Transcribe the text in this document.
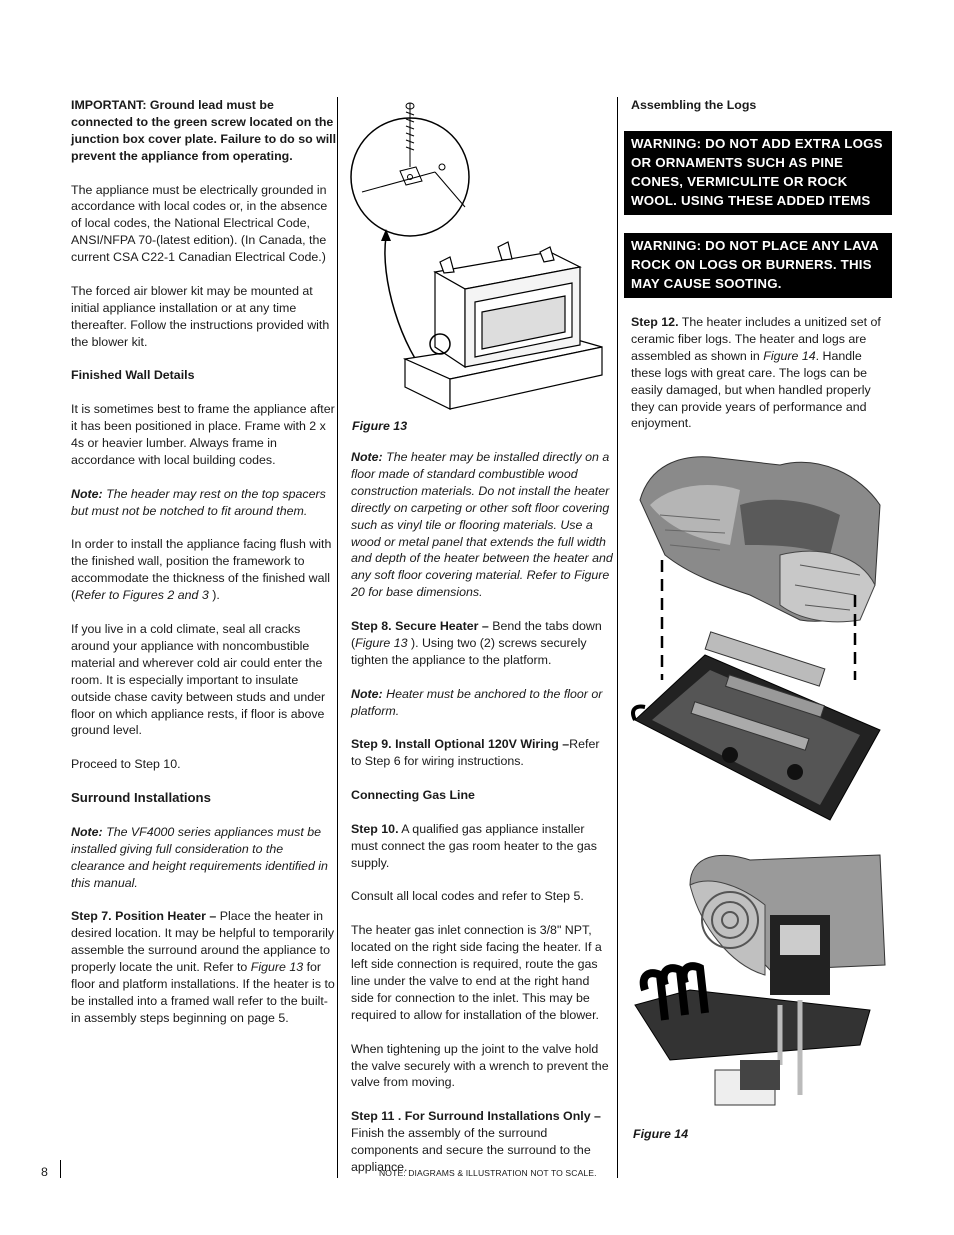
IMPORTANT: Ground lead must be connected to the green screw located on the junction box cover plate. Failure to do so will prevent the appliance from operating.

The appliance must be electrically grounded in accordance with local codes or, in the absence of local codes, the National Electrical Code, ANSI/NFPA 70-(latest edition). (In Canada, the current CSA C22-1 Canadian Electrical Code.)

The forced air blower kit may be mounted at initial appliance installation or at any time thereafter. Follow the instructions provided with the blower kit.

Finished Wall Details

It is sometimes best to frame the appliance after it has been positioned in place. Frame with 2 x 4s or heavier lumber. Always frame in accordance with local building codes.

Note: The header may rest on the top spacers but must not be notched to fit around them.

In order to install the appliance facing flush with the finished wall, position the framework to accommodate the thickness of the finished wall (Refer to Figures 2 and 3 ).

If you live in a cold climate, seal all cracks around your appliance with noncombustible material and wherever cold air could enter the room. It is especially important to insulate outside chase cavity between studs and under floor on which appliance rests, if floor is above ground level.

Proceed to Step 10.

Surround Installations

Note: The VF4000 series appliances must be installed giving full consideration to the clearance and height requirements identified in this manual.

Step 7. Position Heater – Place the heater in desired location. It may be helpful to temporarily assemble the surround around the appliance to properly locate the unit. Refer to Figure 13 for floor and platform installations. If the heater is to be installed into a framed wall refer to the built-in assembly steps beginning on page 5.

Figure 13

Note: The heater may be installed directly on a floor made of standard combustible wood construction materials. Do not install the heater directly on carpeting or other soft floor covering such as vinyl tile or flooring materials. Use a wood or metal panel that extends the full width and depth of the heater between the heater and any soft floor covering material. Refer to Figure 20 for base dimensions.

Step 8. Secure Heater – Bend the tabs down (Figure 13 ). Using two (2) screws securely tighten the appliance to the platform.

Note: Heater must be anchored to the floor or platform.

Step 9. Install Optional 120V Wiring –Refer to Step 6 for wiring instructions.

Connecting Gas Line

Step 10. A qualified gas appliance installer must connect the gas room heater to the gas supply.

Consult all local codes and refer to Step 5.

The heater gas inlet connection is 3/8" NPT, located on the right side facing the heater. If a left side connection is required, route the gas line under the valve to end at the right hand side for connection to the inlet. This may be required to allow for installation of the blower.

When tightening up the joint to the valve hold the valve securely with a wrench to prevent the valve from moving.

Step 11 . For Surround Installations Only – Finish the assembly of the surround components and secure the surround to the appliance.

Assembling the Logs
WARNING: DO NOT ADD EXTRA LOGS OR ORNAMENTS SUCH AS PINE CONES, VERMICULITE OR ROCK WOOL. USING THESE ADDED ITEMS CAN CAUSE SOOTING.
WARNING: DO NOT PLACE ANY LAVA ROCK ON LOGS OR BURNERS. THIS MAY CAUSE SOOTING.
Step 12. The heater includes a unitized set of ceramic fiber logs. The heater and logs are assembled as shown in Figure 14. Handle these logs with great care. The logs can be easily damaged, but when handled properly they can provide years of performance and enjoyment.
Figure 14
8	NOTE: DIAGRAMS & ILLUSTRATION NOT TO SCALE.
